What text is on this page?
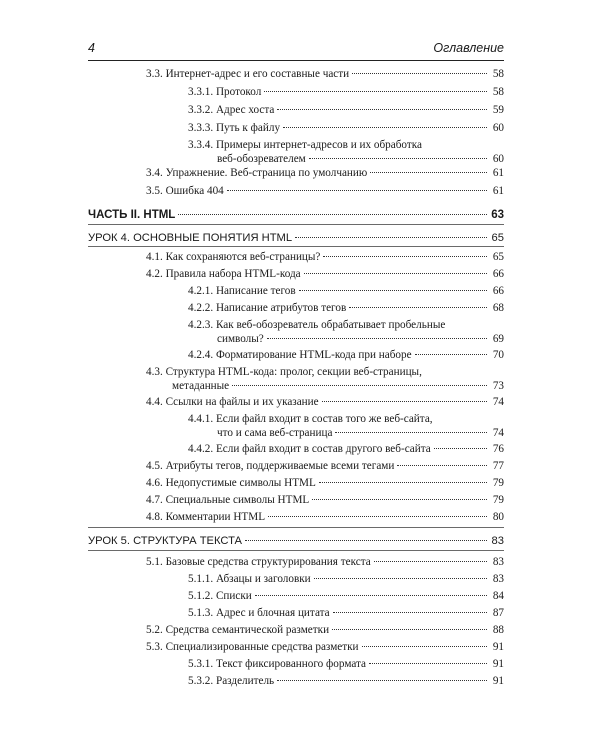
4	Оглавление
3.3. Интернет-адрес и его составные части	58
3.3.1. Протокол	58
3.3.2. Адрес хоста	59
3.3.3. Путь к файлу	60
3.3.4. Примеры интернет-адресов и их обработка
веб-обозревателем	60
3.4. Упражнение. Веб-страница по умолчанию	61
3.5. Ошибка 404	61
ЧАСТЬ II. HTML	63
УРОК 4. ОСНОВНЫЕ ПОНЯТИЯ HTML	65
4.1. Как сохраняются веб-страницы?	65
4.2. Правила набора HTML-кода	66
4.2.1. Написание тегов	66
4.2.2. Написание атрибутов тегов	68
4.2.3. Как веб-обозреватель обрабатывает пробельные
символы?	69
4.2.4. Форматирование HTML-кода при наборе	70
4.3. Структура HTML-кода: пролог, секции веб-страницы,
метаданные	73
4.4. Ссылки на файлы и их указание	74
4.4.1. Если файл входит в состав того же веб-сайта,
что и сама веб-страница	74
4.4.2. Если файл входит в состав другого веб-сайта	76
4.5. Атрибуты тегов, поддерживаемые всеми тегами	77
4.6. Недопустимые символы HTML	79
4.7. Специальные символы HTML	79
4.8. Комментарии HTML	80
УРОК 5. СТРУКТУРА ТЕКСТА	83
5.1. Базовые средства структурирования текста	83
5.1.1. Абзацы и заголовки	83
5.1.2. Списки	84
5.1.3. Адрес и блочная цитата	87
5.2. Средства семантической разметки	88
5.3. Специализированные средства разметки	91
5.3.1. Текст фиксированного формата	91
5.3.2. Разделитель	91
